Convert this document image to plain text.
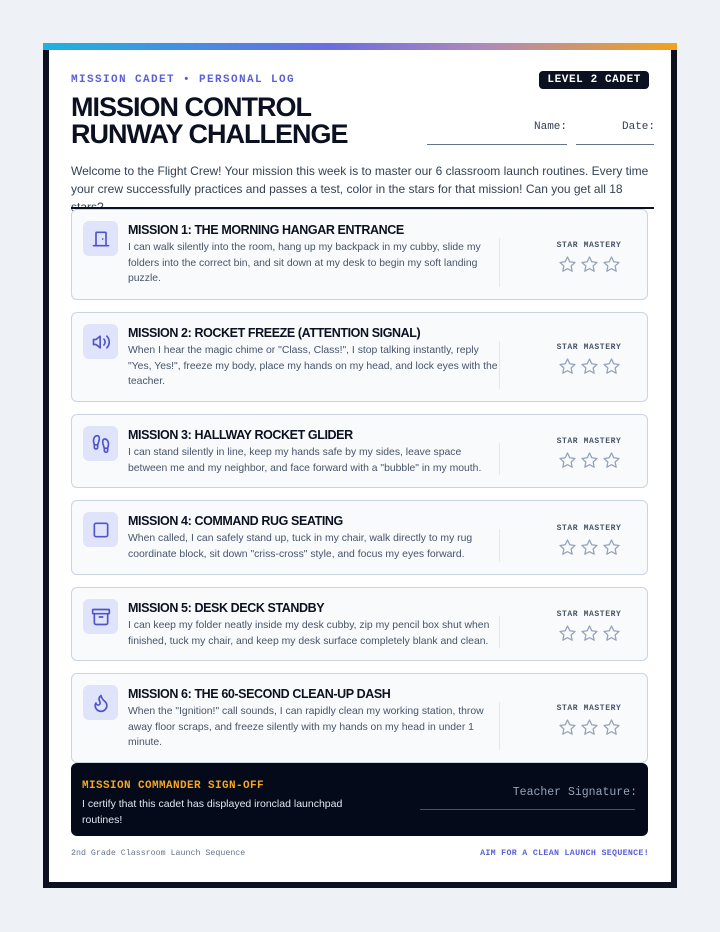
MISSION CADET • PERSONAL LOG	LEVEL 2 CADET
MISSION CONTROL
RUNWAY CHALLENGE	Name:	Date:
Welcome to the Flight Crew! Your mission this week is to master our 6 classroom launch routines. Every time your crew successfully practices and passes a test, color in the stars for that mission! Can you get all 18
MISSION 1: THE MORNING HANGAR ENTRANCE
I can walk silently into the room, hang up my backpack in my cubby, slide my folders into the correct bin, and sit down at my desk to begin my soft landing puzzle.
STAR MASTERY
MISSION 2: ROCKET FREEZE (ATTENTION SIGNAL)
When I hear the magic chime or "Class, Class!", I stop talking instantly, reply "Yes, Yes!", freeze my body, place my hands on my head, and lock eyes with the teacher.
STAR MASTERY
MISSION 3: HALLWAY ROCKET GLIDER
I can stand silently in line, keep my hands safe by my sides, leave space between me and my neighbor, and face forward with a "bubble" in my mouth.
STAR MASTERY
MISSION 4: COMMAND RUG SEATING
When called, I can safely stand up, tuck in my chair, walk directly to my rug coordinate block, sit down "criss-cross" style, and focus my eyes forward.
STAR MASTERY
MISSION 5: DESK DECK STANDBY
I can keep my folder neatly inside my desk cubby, zip my pencil box shut when finished, tuck my chair, and keep my desk surface completely blank and clean.
STAR MASTERY
MISSION 6: THE 60-SECOND CLEAN-UP DASH
When the "Ignition!" call sounds, I can rapidly clean my working station, throw away floor scraps, and freeze silently with my hands on my head in under 1 minute.
STAR MASTERY
MISSION COMMANDER SIGN-OFF
I certify that this cadet has displayed ironclad launchpad routines!
Teacher Signature:
2nd Grade Classroom Launch Sequence	AIM FOR A CLEAN LAUNCH SEQUENCE!
